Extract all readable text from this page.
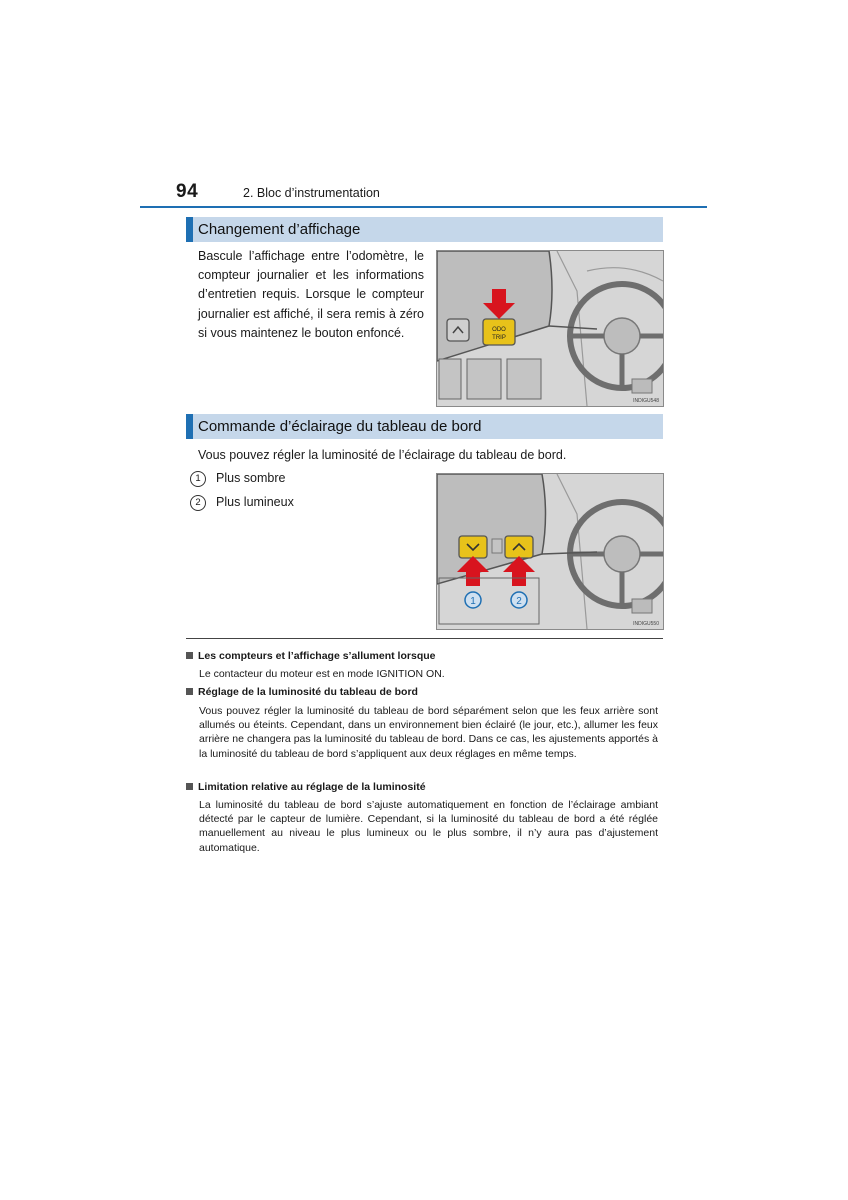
94	2. Bloc d’instrumentation
Changement d’affichage
Bascule l’affichage entre l’odomètre, le compteur journalier et les informations d’entretien requis. Lorsque le compteur journalier est affiché, il sera remis à zéro si vous maintenez le bouton enfoncé.	ODO
TRIP
INDIGU548
Commande d’éclairage du tableau de bord
Vous pouvez régler la luminosité de l’éclairage du tableau de bord.
1 Plus sombre
2 Plus lumineux
1	2
INDIGU550
Les compteurs et l’affichage s’allument lorsque
Le contacteur du moteur est en mode IGNITION ON.
Réglage de la luminosité du tableau de bord
Vous pouvez régler la luminosité du tableau de bord séparément selon que les feux arrière sont allumés ou éteints. Cependant, dans un environnement bien éclairé (le jour, etc.), allumer les feux arrière ne changera pas la luminosité du tableau de bord. Dans ce cas, les ajustements apportés à la luminosité du tableau de bord s’appliquent aux deux réglages en même temps.
Limitation relative au réglage de la luminosité
La luminosité du tableau de bord s’ajuste automatiquement en fonction de l’éclairage ambiant détecté par le capteur de lumière. Cependant, si la luminosité du tableau de bord a été réglée manuellement au niveau le plus lumineux ou le plus sombre, il n’y aura pas d’ajustement automatique.
